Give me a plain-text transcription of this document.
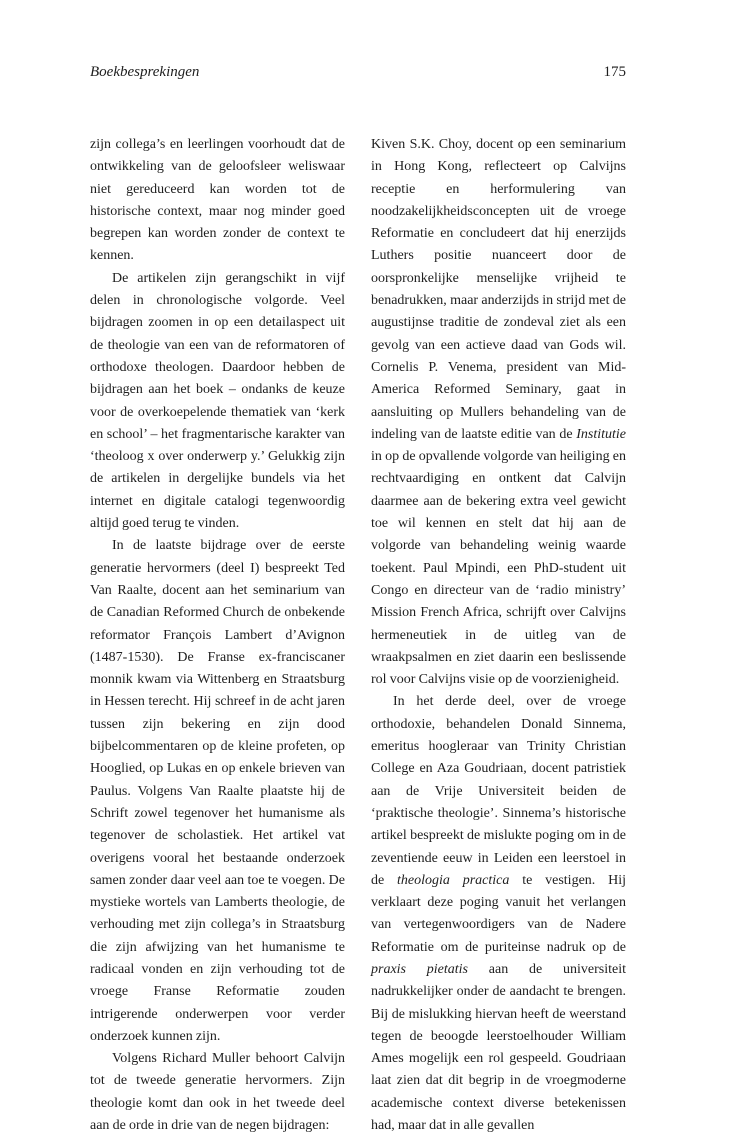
Boekbesprekingen	175

zijn collega’s en leerlingen voorhoudt dat de ontwikkeling van de geloofsleer weliswaar niet gereduceerd kan worden tot de historische context, maar nog minder goed begrepen kan worden zonder de context te kennen.

De artikelen zijn gerangschikt in vijf delen in chronologische volgorde. Veel bijdragen zoomen in op een detailaspect uit de theologie van een van de reformatoren of orthodoxe theologen. Daardoor hebben de bijdragen aan het boek – ondanks de keuze voor de overkoepelende thematiek van ‘kerk en school’ – het fragmentarische karakter van ‘theoloog x over onderwerp y.’ Gelukkig zijn de artikelen in dergelijke bundels via het internet en digitale catalogi tegenwoordig altijd goed terug te vinden.

In de laatste bijdrage over de eerste generatie hervormers (deel I) bespreekt Ted Van Raalte, docent aan het seminarium van de Canadian Reformed Church de onbekende reformator François Lambert d’Avignon (1487-1530). De Franse ex-franciscaner monnik kwam via Wittenberg en Straatsburg in Hessen terecht. Hij schreef in de acht jaren tussen zijn bekering en zijn dood bijbelcommentaren op de kleine profeten, op Hooglied, op Lukas en op enkele brieven van Paulus. Volgens Van Raalte plaatste hij de Schrift zowel tegenover het humanisme als tegenover de scholastiek. Het artikel vat overigens vooral het bestaande onderzoek samen zonder daar veel aan toe te voegen. De mystieke wortels van Lamberts theologie, de verhouding met zijn collega’s in Straatsburg die zijn afwijzing van het humanisme te radicaal vonden en zijn verhouding tot de vroege Franse Reformatie zouden intrigerende onderwerpen voor verder onderzoek kunnen zijn.

Volgens Richard Muller behoort Calvijn tot de tweede generatie hervormers. Zijn theologie komt dan ook in het tweede deel aan de orde in drie van de negen bijdragen:

Kiven S.K. Choy, docent op een seminarium in Hong Kong, reflecteert op Calvijns receptie en herformulering van noodzakelijkheidsconcepten uit de vroege Reformatie en concludeert dat hij enerzijds Luthers positie nuanceert door de oorspronkelijke menselijke vrijheid te benadrukken, maar anderzijds in strijd met de augustijnse traditie de zondeval ziet als een gevolg van een actieve daad van Gods wil. Cornelis P. Venema, president van Mid-America Reformed Seminary, gaat in aansluiting op Mullers behandeling van de indeling van de laatste editie van de Institutie in op de opvallende volgorde van heiliging en rechtvaardiging en ontkent dat Calvijn daarmee aan de bekering extra veel gewicht toe wil kennen en stelt dat hij aan de volgorde van behandeling weinig waarde toekent. Paul Mpindi, een PhD-student uit Congo en directeur van de ‘radio ministry’ Mission French Africa, schrijft over Calvijns hermeneutiek in de uitleg van de wraakpsalmen en ziet daarin een beslissende rol voor Calvijns visie op de voorzienigheid.

In het derde deel, over de vroege orthodoxie, behandelen Donald Sinnema, emeritus hoogleraar van Trinity Christian College en Aza Goudriaan, docent patristiek aan de Vrije Universiteit beiden de ‘praktische theologie’. Sinnema’s historische artikel bespreekt de mislukte poging om in de zeventiende eeuw in Leiden een leerstoel in de theologia practica te vestigen. Hij verklaart deze poging vanuit het verlangen van vertegenwoordigers van de Nadere Reformatie om de puriteinse nadruk op de praxis pietatis aan de universiteit nadrukkelijker onder de aandacht te brengen. Bij de mislukking hiervan heeft de weerstand tegen de beoogde leerstoelhouder William Ames mogelijk een rol gespeeld. Goudriaan laat zien dat dit begrip in de vroegmoderne academische context diverse betekenissen had, maar dat in alle gevallen
